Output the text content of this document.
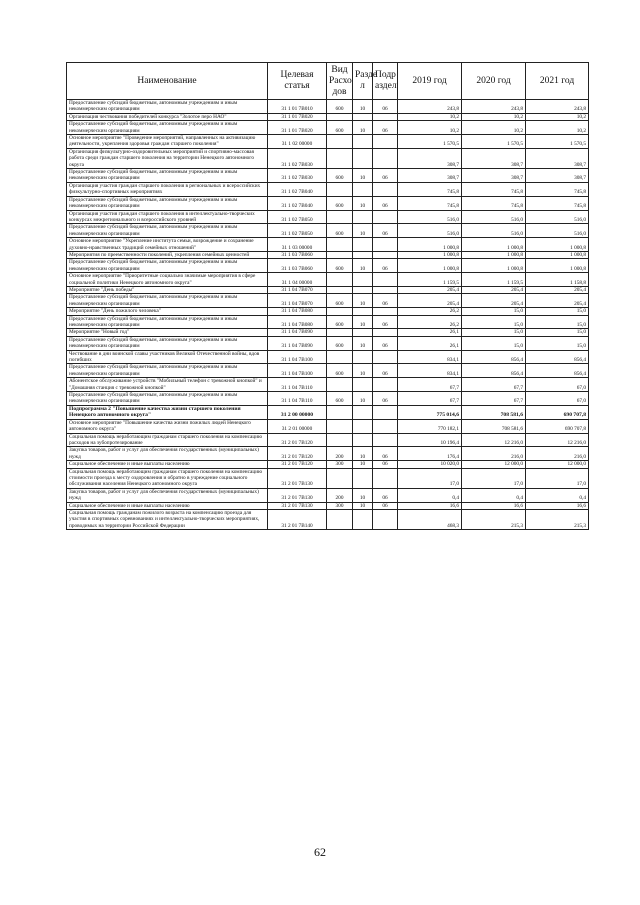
Наименование	Целевая статья	Вид Расхо дов	Разде л	Подр аздел	2019 год	2020 год	2021 год
Предоставление субсидий бюджетным, автономным учреждениям и иным некоммерческим организациям	31 1 01 7В010	600	10	06	243,8	243,8	243,8
Организация чествования победителей конкурса "Золотое перо НАО"	31 1 01 7В020				10,2	10,2	10,2
Предоставление субсидий бюджетным, автономным учреждениям и иным некоммерческим организациям	31 1 01 7В020	600	10	06	10,2	10,2	10,2
Основное мероприятие "Проведение мероприятий, направленных на активизацию деятельности, укрепления здоровья граждан старшего поколения"	31 1 02 00000				1 570,5	1 570,5	1 570,5
Организация физкультурно-оздоровительных мероприятий и спортивно-массовая работа среди граждан старшего поколения на территории Ненецкого автономного округа	31 1 02 7В030				308,7	308,7	308,7
Предоставление субсидий бюджетным, автономным учреждениям и иным некоммерческим организациям	31 1 02 7В030	600	10	06	308,7	308,7	308,7
Организация участия граждан старшего поколения в региональных и всероссийских физкультурно-спортивных мероприятиях	31 1 02 7В040				745,8	745,8	745,8
Предоставление субсидий бюджетным, автономным учреждениям и иным некоммерческим организациям	31 1 02 7В040	600	10	06	745,8	745,8	745,8
Организация участия граждан старшего поколения в интеллектуально-творческих конкурсах межрегионального и всероссийского уровней	31 1 02 7В050				516,0	516,0	516,0
Предоставление субсидий бюджетным, автономным учреждениям и иным некоммерческим организациям	31 1 02 7В050	600	10	06	516,0	516,0	516,0
Основное мероприятие "Укрепление института семьи, возрождение и сохранение духовно-нравственных традиций семейных отношений"	31 1 03 00000				1 000,8	1 000,8	1 000,8
Мероприятия по преемственности поколений, укрепления семейных ценностей	31 1 03 7В060				1 000,8	1 000,8	1 000,8
Предоставление субсидий бюджетным, автономным учреждениям и иным некоммерческим организациям	31 1 03 7В060	600	10	06	1 000,8	1 000,8	1 000,8
Основное мероприятие "Приоритетные социально значимые мероприятия в сфере социальной политики Ненецкого автономного округа"	31 1 04 00000				1 159,5	1 159,5	1 158,8
Мероприятие "День победы"	31 1 04 7В070				205,4	205,4	205,4
Предоставление субсидий бюджетным, автономным учреждениям и иным некоммерческим организациям	31 1 04 7В070	600	10	06	205,4	205,4	205,4
Мероприятие "День пожилого человека"	31 1 04 7В080				26,2	15,0	15,0
Предоставление субсидий бюджетным, автономным учреждениям и иным некоммерческим организациям	31 1 04 7В080	600	10	06	26,2	15,0	15,0
Мероприятие "Новый год"	31 1 04 7В090				26,1	15,0	15,0
Предоставление субсидий бюджетным, автономным учреждениям и иным некоммерческим организациям	31 1 04 7В090	600	10	06	26,1	15,0	15,0
Чествование в дни воинской славы участников Великой Отечественной войны, вдов погибших	31 1 04 7В100				834,1	856,4	856,4
Предоставление субсидий бюджетным, автономным учреждениям и иным некоммерческим организациям	31 1 04 7В100	600	10	06	834,1	856,4	856,4
Абонентское обслуживание устройств "Мобильный телефон с тревожной кнопкой" и "Домашняя станция с тревожной кнопкой"	31 1 04 7В110				67,7	67,7	67,0
Предоставление субсидий бюджетным, автономным учреждениям и иным некоммерческим организациям	31 1 04 7В110	600	10	06	67,7	67,7	67,0
Подпрограмма 2 "Повышение качества жизни старшего поколения Ненецкого автономного округа"	31 2 00 00000				775 014,6	708 581,6	690 707,8
Основное мероприятие "Повышение качества жизни пожилых людей Ненецкого автономного округа"	31 2 01 00000				770 182,1	708 581,6	690 707,8
Социальная помощь неработающим гражданам старшего поколения на компенсацию расходов на зубопротезирование	31 2 01 7В120				10 196,4	12 216,0	12 216,0
Закупка товаров, работ и услуг для обеспечения государственных (муниципальных) нужд	31 2 01 7В120	200	10	06	176,4	216,0	216,0
Социальное обеспечение и иные выплаты населению	31 2 01 7В120	300	10	06	10 020,0	12 000,0	12 000,0
Социальная помощь неработающим гражданам старшего поколения на компенсацию стоимости проезда к месту оздоровления и обратно в учреждение социального обслуживания населения Ненецкого автономного округа	31 2 01 7В130				17,0	17,0	17,0
Закупка товаров, работ и услуг для обеспечения государственных (муниципальных) нужд	31 2 01 7В130	200	10	06	0,4	0,4	0,4
Социальное обеспечение и иные выплаты населению	31 2 01 7В130	300	10	06	16,6	16,6	16,6
Социальная помощь гражданам пожилого возраста на компенсацию проезда для участия в спортивных соревнованиях и интеллектуально-творческих мероприятиях, проводимых на территории Российской Федерации	31 2 01 7В140				468,3	215,3	215,3
62
